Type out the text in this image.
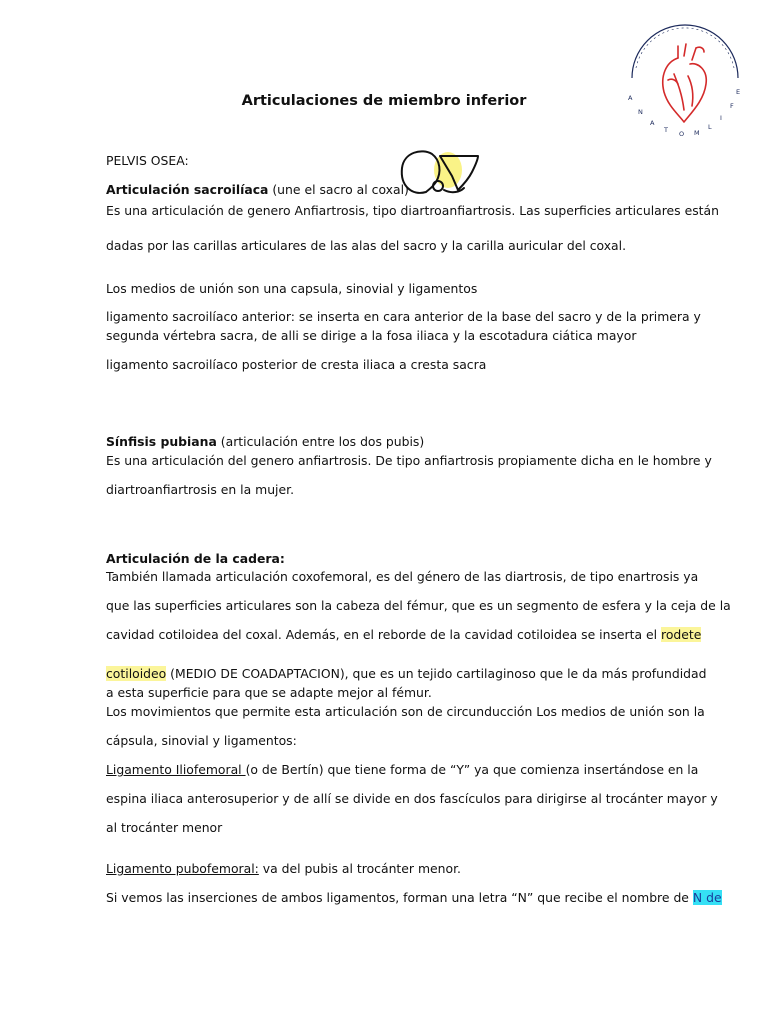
A
N
A
T O M
L
I
F
E
Articulaciones de miembro inferior
PELVIS OSEA:
Articulación sacroilíaca (une el sacro al coxal)
Es una articulación de genero Anfiartrosis, tipo diartroanfiartrosis. Las superficies articulares están
dadas por las carillas articulares de las alas del sacro y la carilla auricular del coxal.
Los medios de unión son una capsula, sinovial y ligamentos
ligamento sacroilíaco anterior: se inserta en cara anterior de la base del sacro y de la primera y
segunda vértebra sacra, de alli se dirige a la fosa iliaca y la escotadura ciática mayor
ligamento sacroilíaco posterior de cresta iliaca a cresta sacra
Sínfisis pubiana (articulación entre los dos pubis)
Es una articulación del genero anfiartrosis. De tipo anfiartrosis propiamente dicha en le hombre y
diartroanfiartrosis en la mujer.
Articulación de la cadera:
También llamada articulación coxofemoral, es del género de las diartrosis, de tipo enartrosis ya
que las superficies articulares son la cabeza del fémur, que es un segmento de esfera y la ceja de la
cavidad cotiloidea del coxal. Además, en el reborde de la cavidad cotiloidea se inserta el rodete
cotiloideo (MEDIO DE COADAPTACION), que es un tejido cartilaginoso que le da más profundidad
a esta superficie para que se adapte mejor al fémur.
Los movimientos que permite esta articulación son de circunducción Los medios de unión son la
cápsula, sinovial y ligamentos:
Ligamento Iliofemoral (o de Bertín) que tiene forma de “Y” ya que comienza insertándose en la
espina iliaca anterosuperior y de allí se divide en dos fascículos para dirigirse al trocánter mayor y
al trocánter menor
Ligamento pubofemoral: va del pubis al trocánter menor.
Si vemos las inserciones de ambos ligamentos, forman una letra “N” que recibe el nombre de N de
